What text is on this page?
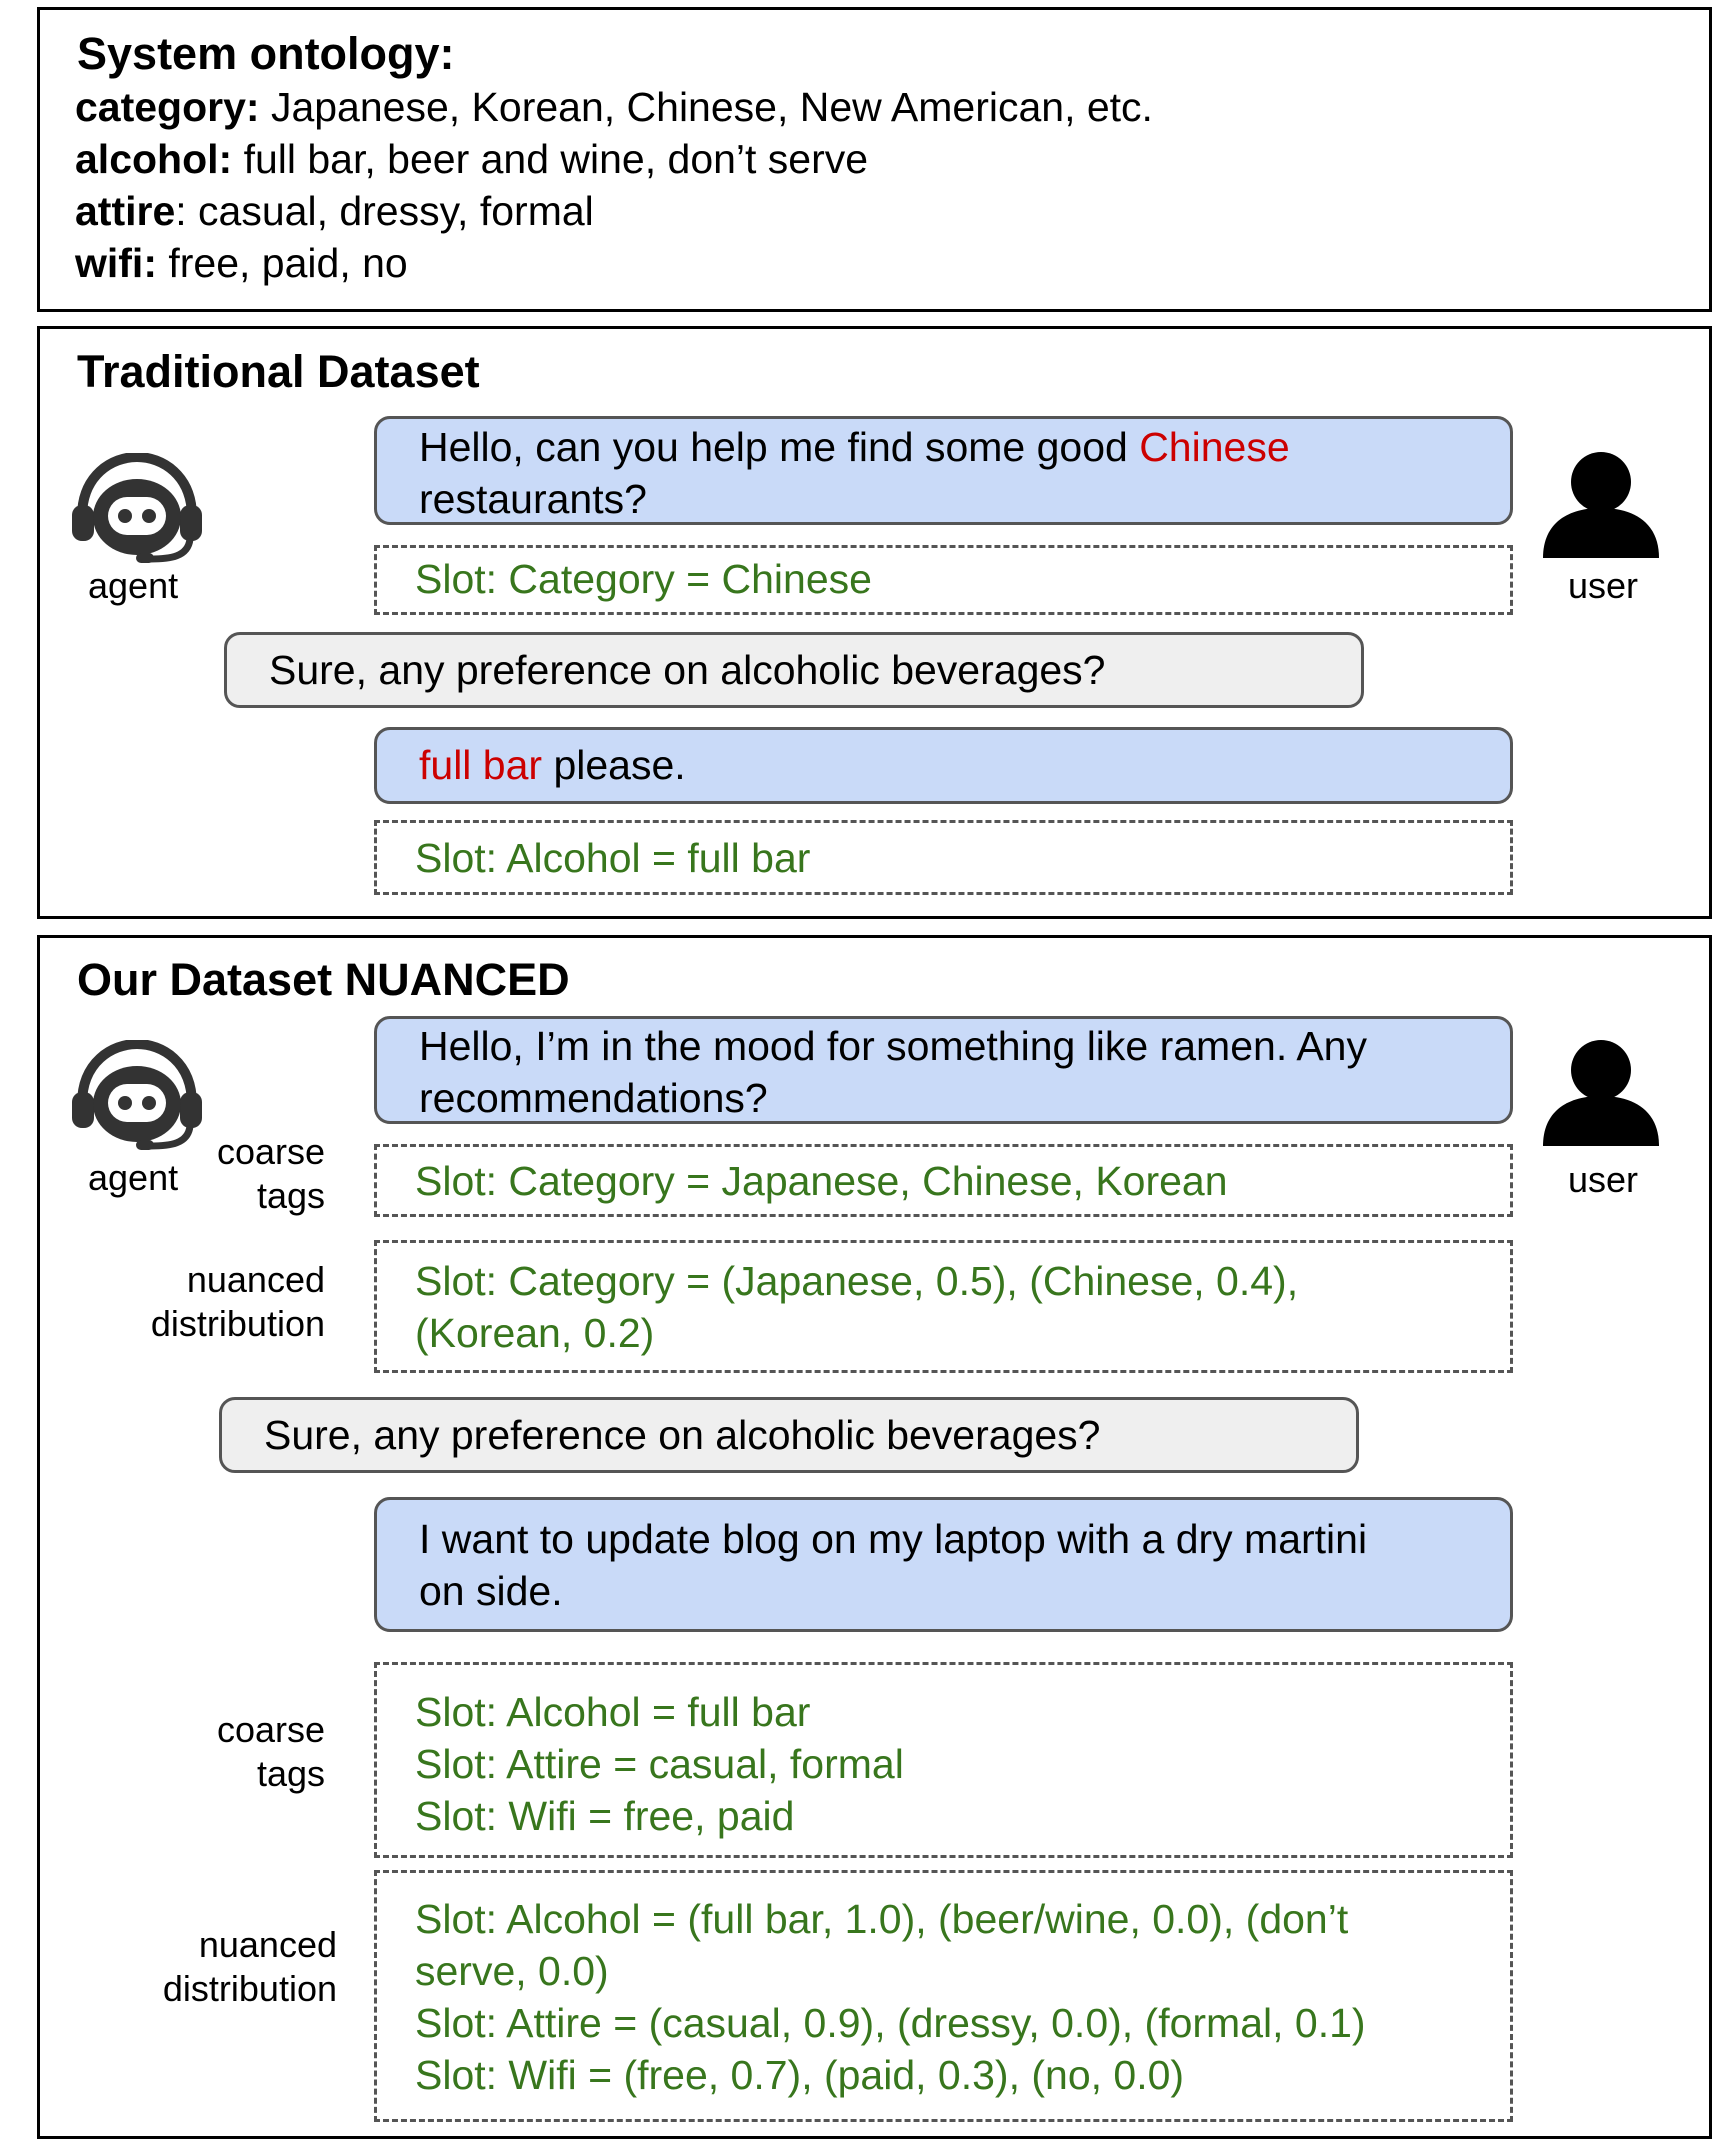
System ontology:
category: Japanese, Korean, Chinese, New American, etc.
alcohol: full bar, beer and wine, don’t serve
attire: casual, dressy, formal
wifi: free, paid, no
Traditional Dataset
agent	user
Hello, can you help me find some good Chinese
restaurants?
Slot: Category = Chinese
Sure, any preference on alcoholic beverages?
full bar please.
Slot: Alcohol = full bar
Our Dataset NUANCED
agent	user
Hello, I’m in the mood for something like ramen. Any
recommendations?
coarse
tags	Slot: Category = Japanese, Chinese, Korean
nuanced
distribution
Slot: Category = (Japanese, 0.5), (Chinese, 0.4),
(Korean, 0.2)
Sure, any preference on alcoholic beverages?
I want to update blog on my laptop with a dry martini
on side.
coarse
tags
Slot: Alcohol = full bar
Slot: Attire = casual, formal
Slot: Wifi = free, paid
nuanced
distribution
Slot: Alcohol = (full bar, 1.0), (beer/wine, 0.0), (don’t
serve, 0.0)
Slot: Attire = (casual, 0.9), (dressy, 0.0), (formal, 0.1)
Slot: Wifi = (free, 0.7), (paid, 0.3), (no, 0.0)
